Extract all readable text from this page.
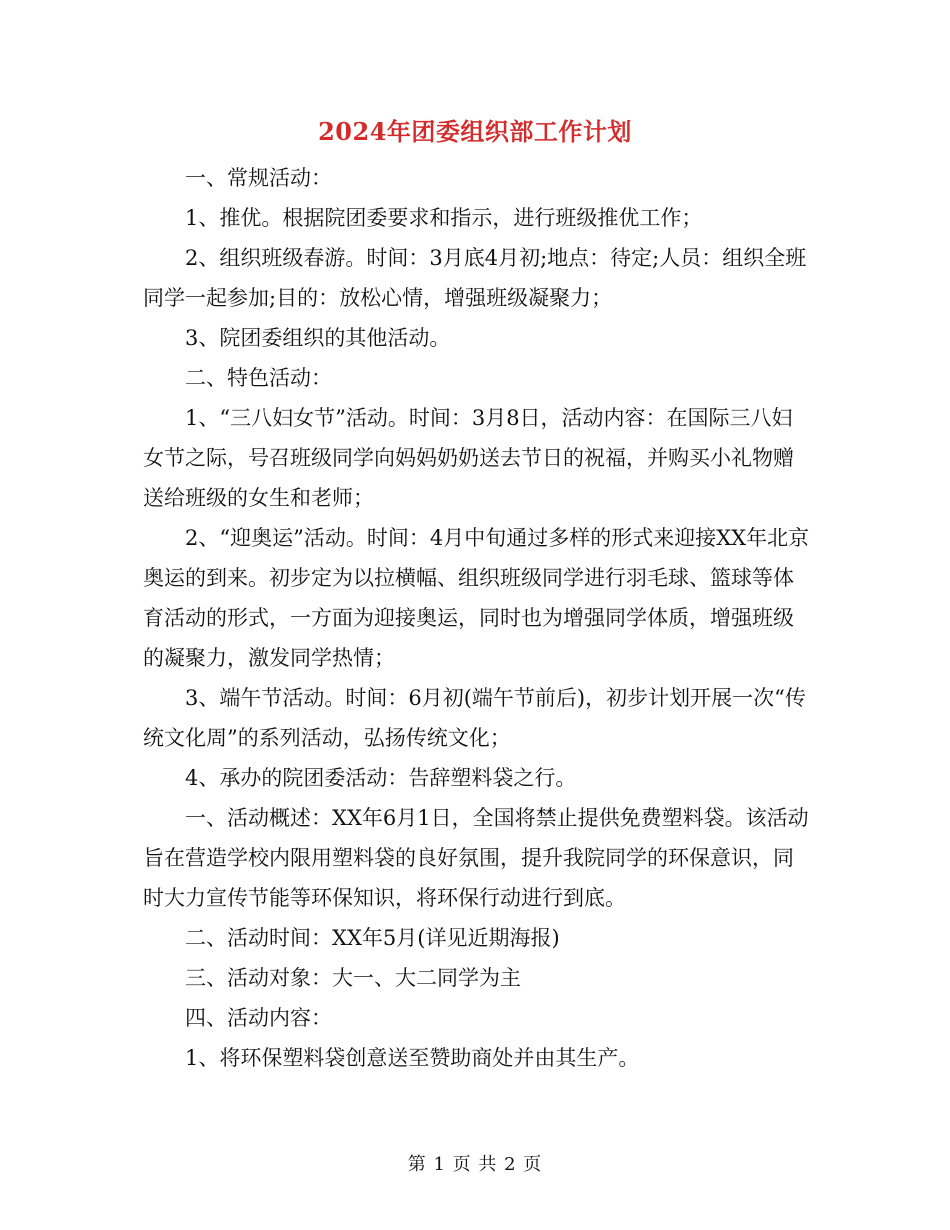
2024年团委组织部工作计划

一、常规活动：

1、推优。根据院团委要求和指示，进行班级推优工作；

2、组织班级春游。时间：3月底4月初;地点：待定;人员：组织全班同学一起参加;目的：放松心情，增强班级凝聚力；

3、院团委组织的其他活动。

二、特色活动：

1、“三八妇女节”活动。时间：3月8日，活动内容：在国际三八妇女节之际，号召班级同学向妈妈奶奶送去节日的祝福，并购买小礼物赠送给班级的女生和老师；

2、“迎奥运”活动。时间：4月中旬通过多样的形式来迎接XX年北京奥运的到来。初步定为以拉横幅、组织班级同学进行羽毛球、篮球等体育活动的形式，一方面为迎接奥运，同时也为增强同学体质，增强班级的凝聚力，激发同学热情；

3、端午节活动。时间：6月初(端午节前后)，初步计划开展一次“传统文化周”的系列活动，弘扬传统文化；

4、承办的院团委活动：告辞塑料袋之行。

一、活动概述：XX年6月1日，全国将禁止提供免费塑料袋。该活动旨在营造学校内限用塑料袋的良好氛围，提升我院同学的环保意识，同时大力宣传节能等环保知识，将环保行动进行到底。

二、活动时间：XX年5月(详见近期海报)

三、活动对象：大一、大二同学为主

四、活动内容：

1、将环保塑料袋创意送至赞助商处并由其生产。

第 1 页 共 2 页
